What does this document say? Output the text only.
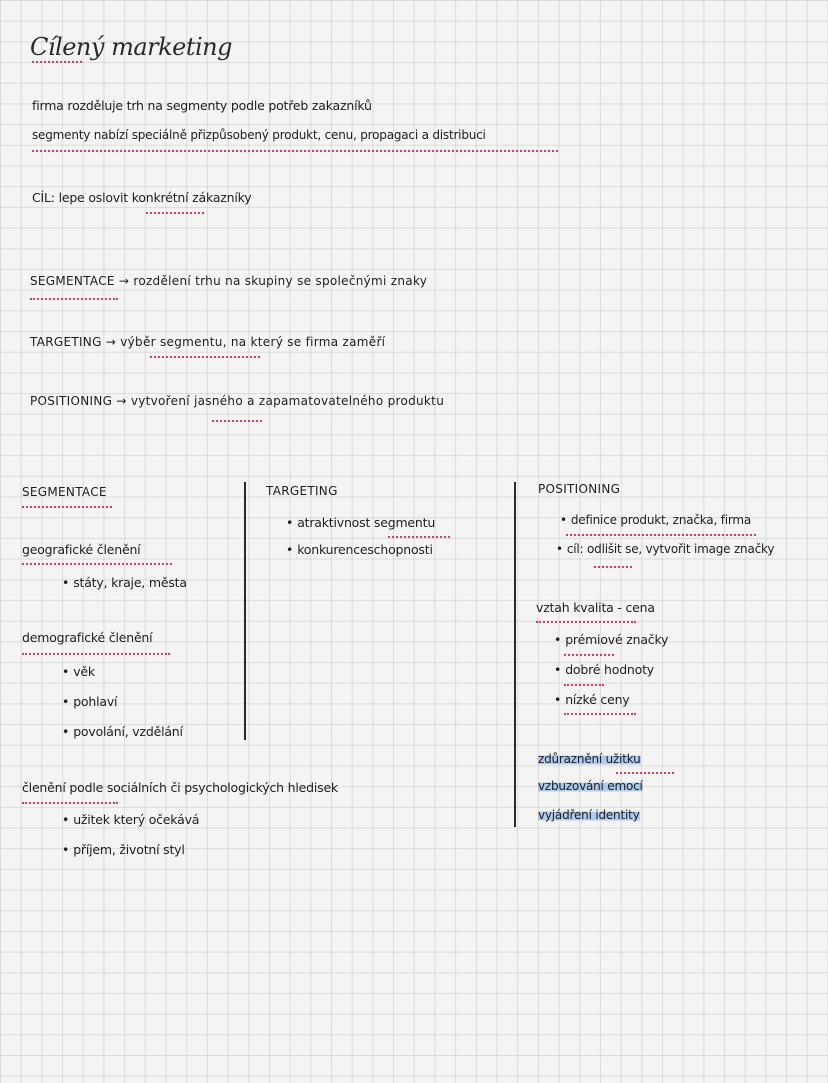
Cílený marketing
firma rozděluje trh na segmenty podle potřeb zakazníků
segmenty nabízí speciálně přizpůsobený produkt, cenu, propagaci a distribuci
CÍL: lepe oslovit konkrétní zákazníky
SEGMENTACE → rozdělení trhu na skupiny se společnými znaky
TARGETING → výběr segmentu, na který se firma zaměří
POSITIONING → vytvoření jasného a zapamatovatelného produktu
SEGMENTACE
geografické členění
• státy, kraje, města
demografické členění
• věk
• pohlaví
• povolání, vzdělání
členění podle sociálních či psychologických hledisek
• užitek který očekává
• příjem, životní styl
TARGETING
• atraktivnost segmentu
• konkurenceschopnosti
POSITIONING
• definice produkt, značka, firma
• cíl: odlišit se, vytvořit image značky
vztah kvalita - cena
• prémiové značky
• dobré hodnoty
• nízké ceny
zdůraznění užitku
vzbuzování emocí
vyjádření identity
